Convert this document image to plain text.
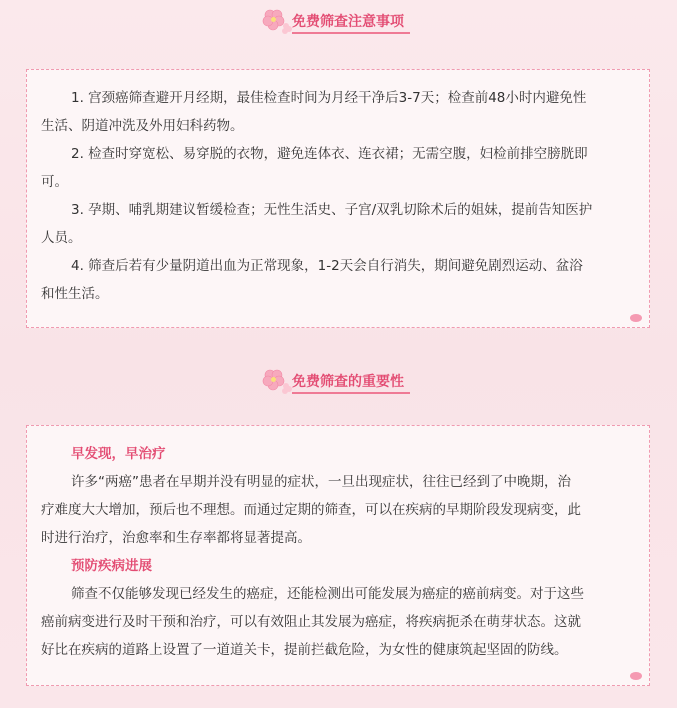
免费筛查注意事项
1. 宫颈癌筛查避开月经期，最佳检查时间为月经干净后3-7天；检查前48小时内避免性
生活、阴道冲洗及外用妇科药物。
2. 检查时穿宽松、易穿脱的衣物，避免连体衣、连衣裙；无需空腹，妇检前排空膀胱即
可。
3. 孕期、哺乳期建议暂缓检查；无性生活史、子宫/双乳切除术后的姐妹，提前告知医护
人员。
4. 筛查后若有少量阴道出血为正常现象，1-2天会自行消失，期间避免剧烈运动、盆浴
和性生活。
免费筛查的重要性
早发现，早治疗
许多“两癌”患者在早期并没有明显的症状，一旦出现症状，往往已经到了中晚期，治
疗难度大大增加，预后也不理想。而通过定期的筛查，可以在疾病的早期阶段发现病变，此
时进行治疗，治愈率和生存率都将显著提高。
预防疾病进展
筛查不仅能够发现已经发生的癌症，还能检测出可能发展为癌症的癌前病变。对于这些
癌前病变进行及时干预和治疗，可以有效阻止其发展为癌症，将疾病扼杀在萌芽状态。这就
好比在疾病的道路上设置了一道道关卡，提前拦截危险，为女性的健康筑起坚固的防线。
